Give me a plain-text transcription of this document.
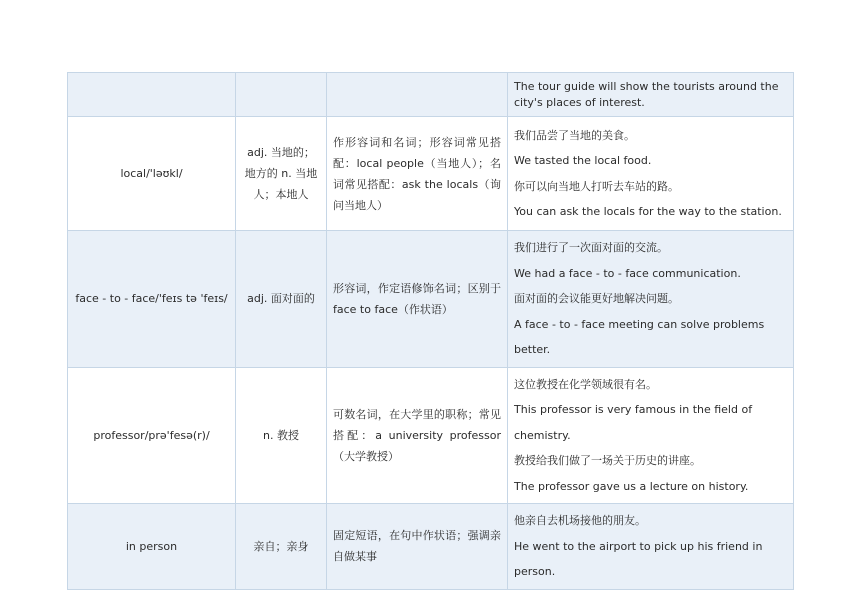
			The tour guide will show the tourists around the city's places of interest.

local/'ləʊkl/	adj. 当地的；地方的 n. 当地人；本地人	作形容词和名词；形容词常见搭配：local people（当地人）；名词常见搭配：ask the locals（询问当地人）	我们品尝了当地的美食。

We tasted the local food.

你可以向当地人打听去车站的路。

You can ask the locals for the way to the station.

face - to - face/'feɪs tə 'feɪs/	adj. 面对面的	形容词，作定语修饰名词；区别于face to face（作状语）	我们进行了一次面对面的交流。

We had a face - to - face communication.

面对面的会议能更好地解决问题。

A face - to - face meeting can solve problems better.

professor/prə'fesə(r)/	n. 教授	可数名词，在大学里的职称；常见搭配：a university professor（大学教授）	这位教授在化学领域很有名。

This professor is very famous in the field of chemistry.

教授给我们做了一场关于历史的讲座。

The professor gave us a lecture on history.

in person	亲自；亲身	固定短语，在句中作状语；强调亲自做某事	他亲自去机场接他的朋友。

He went to the airport to pick up his friend in person.
